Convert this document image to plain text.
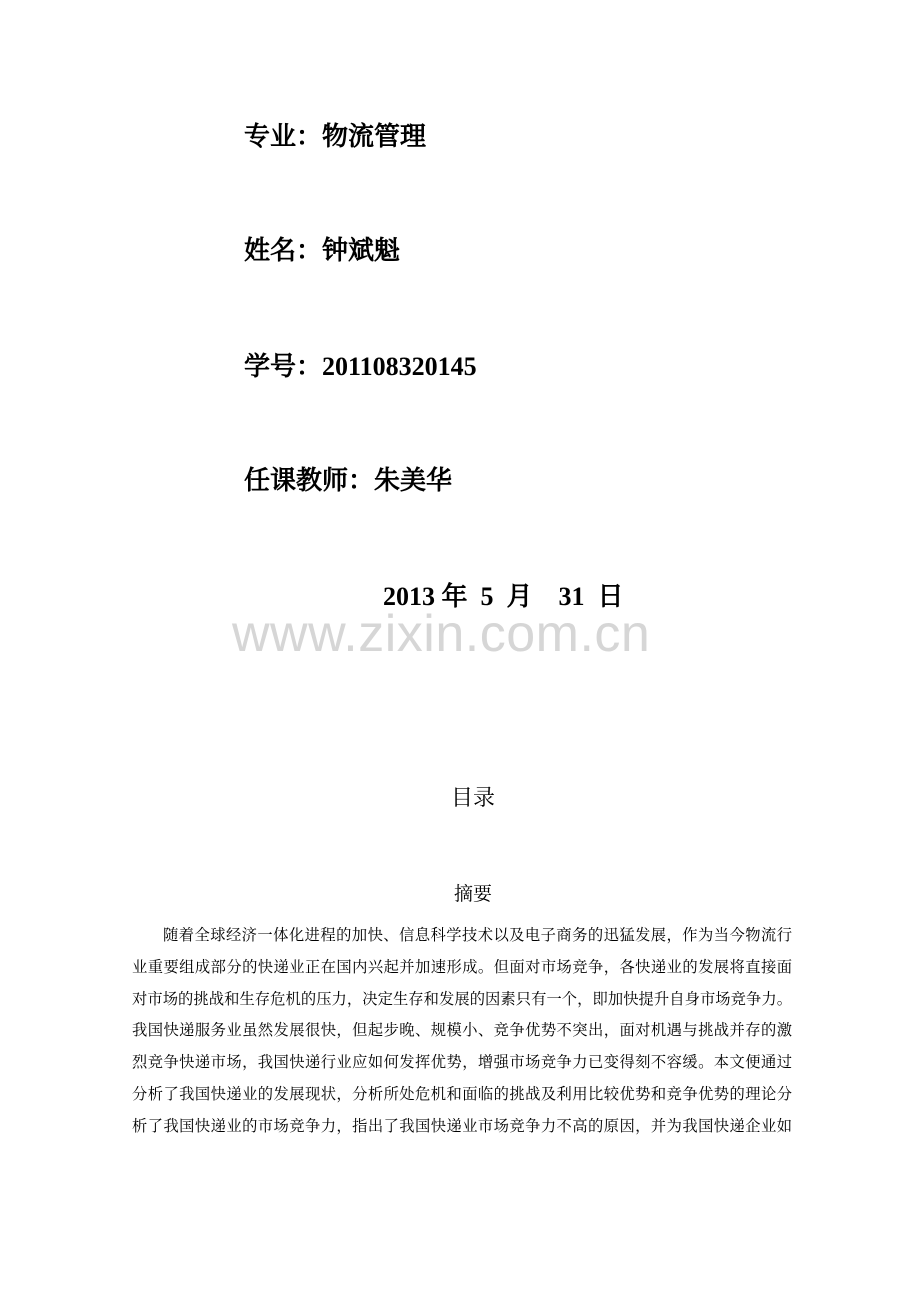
专业：物流管理
姓名：钟斌魁
学号：201108320145
任课教师：朱美华
2013 年 5 月 31 日
www.zixin.com.cn
目录
摘要
随着全球经济一体化进程的加快、信息科学技术以及电子商务的迅猛发展，作为当今物流行
业重要组成部分的快递业正在国内兴起并加速形成。但面对市场竞争，各快递业的发展将直接面
对市场的挑战和生存危机的压力，决定生存和发展的因素只有一个，即加快提升自身市场竞争力。
我国快递服务业虽然发展很快，但起步晚、规模小、竞争优势不突出，面对机遇与挑战并存的激
烈竞争快递市场，我国快递行业应如何发挥优势，增强市场竞争力已变得刻不容缓。本文便通过
分析了我国快递业的发展现状，分析所处危机和面临的挑战及利用比较优势和竞争优势的理论分
析了我国快递业的市场竞争力，指出了我国快递业市场竞争力不高的原因，并为我国快递企业如
